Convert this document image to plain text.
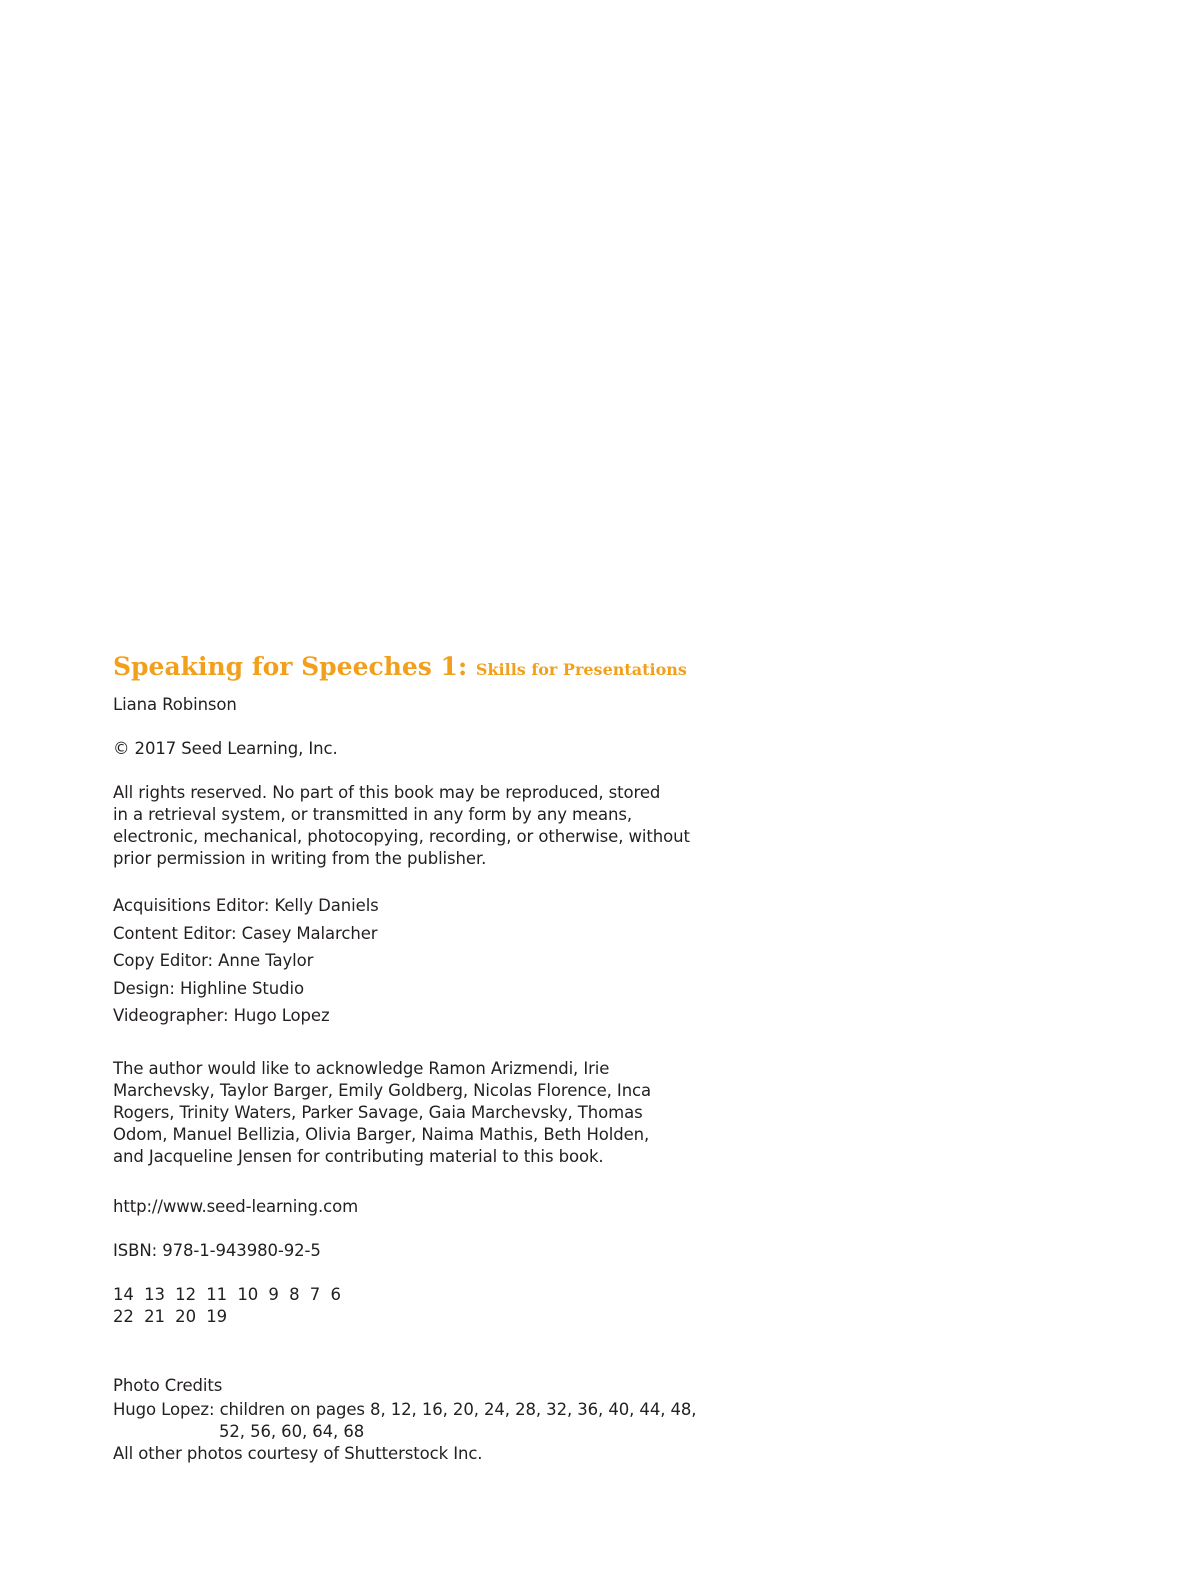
Speaking for Speeches 1: Skills for Presentations

Liana Robinson

© 2017 Seed Learning, Inc.

All rights reserved. No part of this book may be reproduced, stored

in a retrieval system, or transmitted in any form by any means,

electronic, mechanical, photocopying, recording, or otherwise, without

prior permission in writing from the publisher.

Acquisitions Editor: Kelly Daniels

Content Editor: Casey Malarcher

Copy Editor: Anne Taylor

Design: Highline Studio

Videographer: Hugo Lopez

The author would like to acknowledge Ramon Arizmendi, Irie

Marchevsky, Taylor Barger, Emily Goldberg, Nicolas Florence, Inca

Rogers, Trinity Waters, Parker Savage, Gaia Marchevsky, Thomas

Odom, Manuel Bellizia, Olivia Barger, Naima Mathis, Beth Holden,

and Jacqueline Jensen for contributing material to this book.

http://www.seed-learning.com

ISBN: 978-1-943980-92-5

14  13  12  11  10  9  8  7  6

22  21  20  19

Photo Credits

Hugo Lopez: children on pages 8, 12, 16, 20, 24, 28, 32, 36, 40, 44, 48,

52, 56, 60, 64, 68

All other photos courtesy of Shutterstock Inc.
